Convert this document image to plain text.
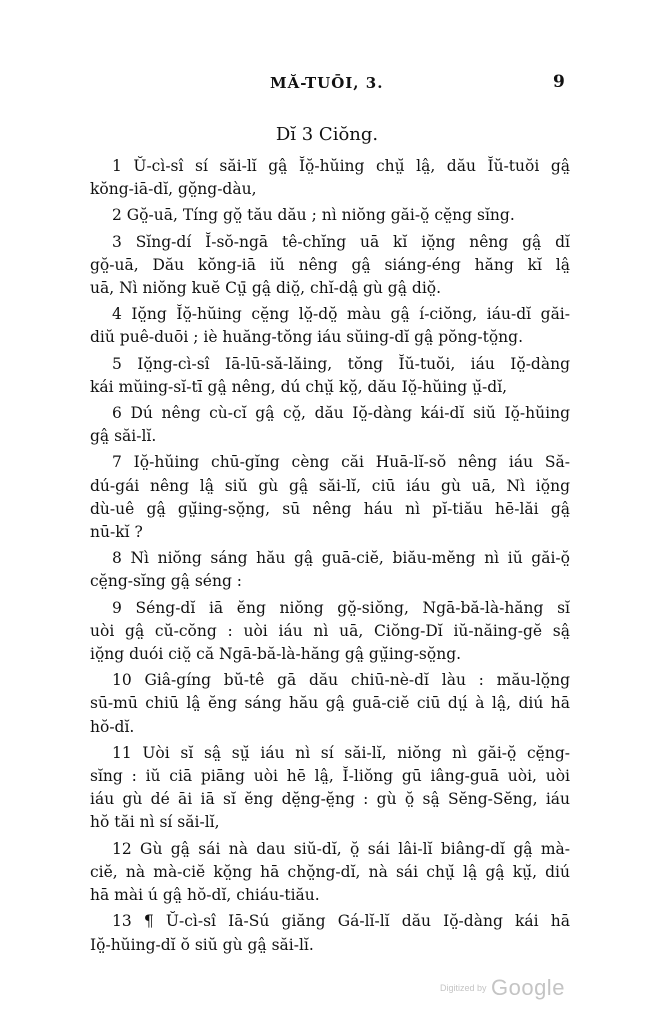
MĂ-TUŌI, 3.	9
Dĭ 3 Ciŏng.
1 Ŭ-cì-sî sí săi-lĭ gâ̤ Ĭŏ̤-hŭing chṳ̆ lâ̤, dău Ĭŭ-tuŏi gâ̤
kŏng-iā-dĭ, gŏ̤ng-dàu,
2 Gŏ̤-uā, Tíng gŏ̤ tău dău ; nì niŏng găi-ŏ̤ cĕ̤ng sĭng.
3 Sĭng-dí Ĭ-sŏ-ngā tê-chĭng uā kĭ iŏ̤ng nêng gâ̤ dĭ
gŏ̤-uā, Dău kŏng-iā iŭ nêng gâ̤ siáng-éng hăng kĭ lâ̤
uā, Nì niŏng kuĕ Cṳ̄ gâ̤ diŏ̤, chĭ-dâ̤ gù gâ̤ diŏ̤.
4 Iŏ̤ng Ĭŏ̤-hŭing cĕ̤ng lŏ̤-dŏ̤ màu gâ̤ í-ciŏng, iáu-dĭ găi-
diŭ puê-duōi ; iè huăng-tŏng iáu sŭing-dĭ gâ̤ pŏng-tŏ̤ng.
5 Iŏ̤ng-cì-sî Iā-lū-să-lăing, tŏng Ĭŭ-tuŏi, iáu Iŏ̤-dàng
kái mŭing-sĭ-tī gâ̤ nêng, dú chṳ̆ kŏ̤, dău Iŏ̤-hŭing ṳ̆-dĭ,
6 Dú nêng cù-cĭ gâ̤ cŏ̤, dău Iŏ̤-dàng kái-dĭ siŭ Iŏ̤-hŭing
gâ̤ săi-lĭ.
7 Iŏ̤-hŭing chū-gĭng cèng căi Huā-lĭ-sŏ nêng iáu Să-
dú-gái nêng lâ̤ siŭ gù gâ̤ săi-lĭ, ciū iáu gù uā, Nì iŏ̤ng
dù-uê gâ̤ gṳ̆ing-sŏ̤ng, sū nêng háu nì pĭ-tiău hē-lăi gâ̤
nū-kĭ ?
8 Nì niŏng sáng hău gâ̤ guā-ciĕ, biău-mĕng nì iŭ găi-ŏ̤
cĕ̤ng-sĭng gâ̤ séng :
9 Séng-dĭ iā ĕng niŏng gŏ̤-siŏng, Ngā-bă-là-hăng sĭ
uòi gâ̤ cŭ-cŏng : uòi iáu nì uā, Ciŏng-Dĭ iŭ-năing-gĕ sâ̤
iŏ̤ng duói ciŏ̤ că Ngā-bă-là-hăng gâ̤ gṳ̆ing-sŏ̤ng.
10 Giâ-gíng bŭ-tê gā dău chiū-nè-dĭ làu : mău-lŏ̤ng
sū-mū chiū lâ̤ ĕng sáng hău gâ̤ guā-ciĕ ciū dṳ́ à lâ̤, diú hā
hŏ-dĭ.
11 Uòi sĭ sâ̤ sṳ̆ iáu nì sí săi-lĭ, niŏng nì găi-ŏ̤ cĕ̤ng-
sĭng : iŭ ciā piāng uòi hē lâ̤, Ĭ-liŏng gū iâng-guā uòi, uòi
iáu gù dé āi iā sĭ ĕng dĕ̤ng-ĕ̤ng : gù ŏ̤ sâ̤ Sĕng-Sĕng, iáu
hŏ tăi nì sí săi-lĭ,
12 Gù gâ̤ sái nà dau siŭ-dĭ, ŏ̤ sái lâi-lĭ biâng-dĭ gâ̤ mà-
ciĕ, nà mà-ciĕ kŏ̤ng hā chŏ̤ng-dĭ, nà sái chṳ̆ lâ̤ gâ̤ kṳ̆, diú
hā mài ú gâ̤ hŏ-dĭ, chiáu-tiău.
13 ¶ Ŭ-cì-sî Iā-Sú giăng Gá-lĭ-lĭ dău Iŏ̤-dàng kái hā
Iŏ̤-hŭing-dĭ ŏ siŭ gù gâ̤ săi-lĭ.
Digitized by Google
